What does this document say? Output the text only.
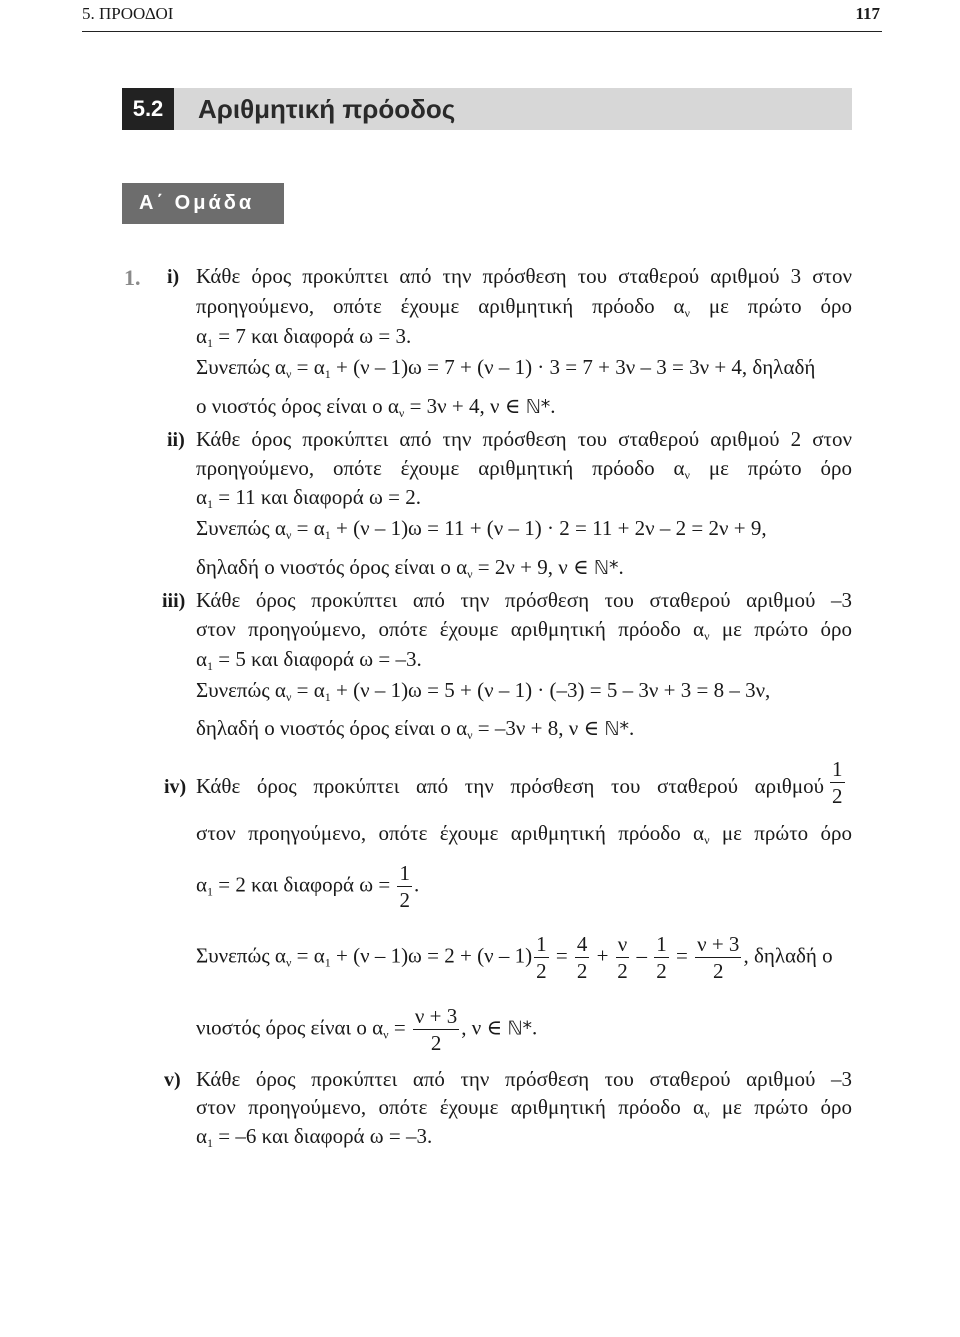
5. ΠΡΟΟΔΟΙ	117
5.2	Αριθμητική πρόοδος
Α΄ Ομάδα
1. i) Κάθε όρος προκύπτει από την πρόσθεση του σταθερού αριθμού 3 στον
προηγούμενο, οπότε έχουμε αριθμητική πρόοδο $\alpha_\nu$ με πρώτο όρο
$\alpha_1 = 7$ και διαφορά ω = 3.
Συνεπώς $\alpha_\nu = \alpha_1 + (\nu - 1)\omega = 7 + (\nu - 1) \cdot 3 = 7 + 3\nu - 3 = 3\nu + 4$, δηλαδή
ο νιοστός όρος είναι ο $\alpha_\nu = 3\nu + 4$, ν ∈ ℕ*.
ii) Κάθε όρος προκύπτει από την πρόσθεση του σταθερού αριθμού 2 στον
προηγούμενο, οπότε έχουμε αριθμητική πρόοδο $\alpha_\nu$ με πρώτο όρο
$\alpha_1 = 11$ και διαφορά ω = 2.
Συνεπώς $\alpha_\nu = \alpha_1 + (\nu - 1)\omega = 11 + (\nu - 1) \cdot 2 = 11 + 2\nu - 2 = 2\nu + 9$,
δηλαδή ο νιοστός όρος είναι ο $\alpha_\nu = 2\nu + 9$, ν ∈ ℕ*.
iii) Κάθε όρος προκύπτει από την πρόσθεση του σταθερού αριθμού –3
στον προηγούμενο, οπότε έχουμε αριθμητική πρόοδο $\alpha_\nu$ με πρώτο όρο
$\alpha_1 = 5$ και διαφορά ω = –3.
Συνεπώς $\alpha_\nu = \alpha_1 + (\nu - 1)\omega = 5 + (\nu - 1) \cdot (-3) = 5 - 3\nu + 3 = 8 - 3\nu$,
δηλαδή ο νιοστός όρος είναι ο $\alpha_\nu = -3\nu + 8$, ν ∈ ℕ*.
iv) Κάθε όρος προκύπτει από την πρόσθεση του σταθερού αριθμού $\frac{1}{2}$
στον προηγούμενο, οπότε έχουμε αριθμητική πρόοδο $\alpha_\nu$ με πρώτο όρο
$\alpha_1 = 2$ και διαφορά $\omega = \frac{1}{2}$ .
Συνεπώς $\alpha_\nu = \alpha_1 + (\nu - 1)\omega = 2 + (\nu - 1) \frac{1}{2} = \frac{4}{2} + \frac{\nu}{2} - \frac{1}{2} = \frac{\nu + 3}{2}$ , δηλαδή ο
νιοστός όρος είναι ο $\alpha_\nu = \frac{\nu + 3}{2}$ , ν ∈ ℕ*.
v) Κάθε όρος προκύπτει από την πρόσθεση του σταθερού αριθμού –3
στον προηγούμενο, οπότε έχουμε αριθμητική πρόοδο $\alpha_\nu$ με πρώτο όρο
$\alpha_1 = -6$ και διαφορά ω = –3.
